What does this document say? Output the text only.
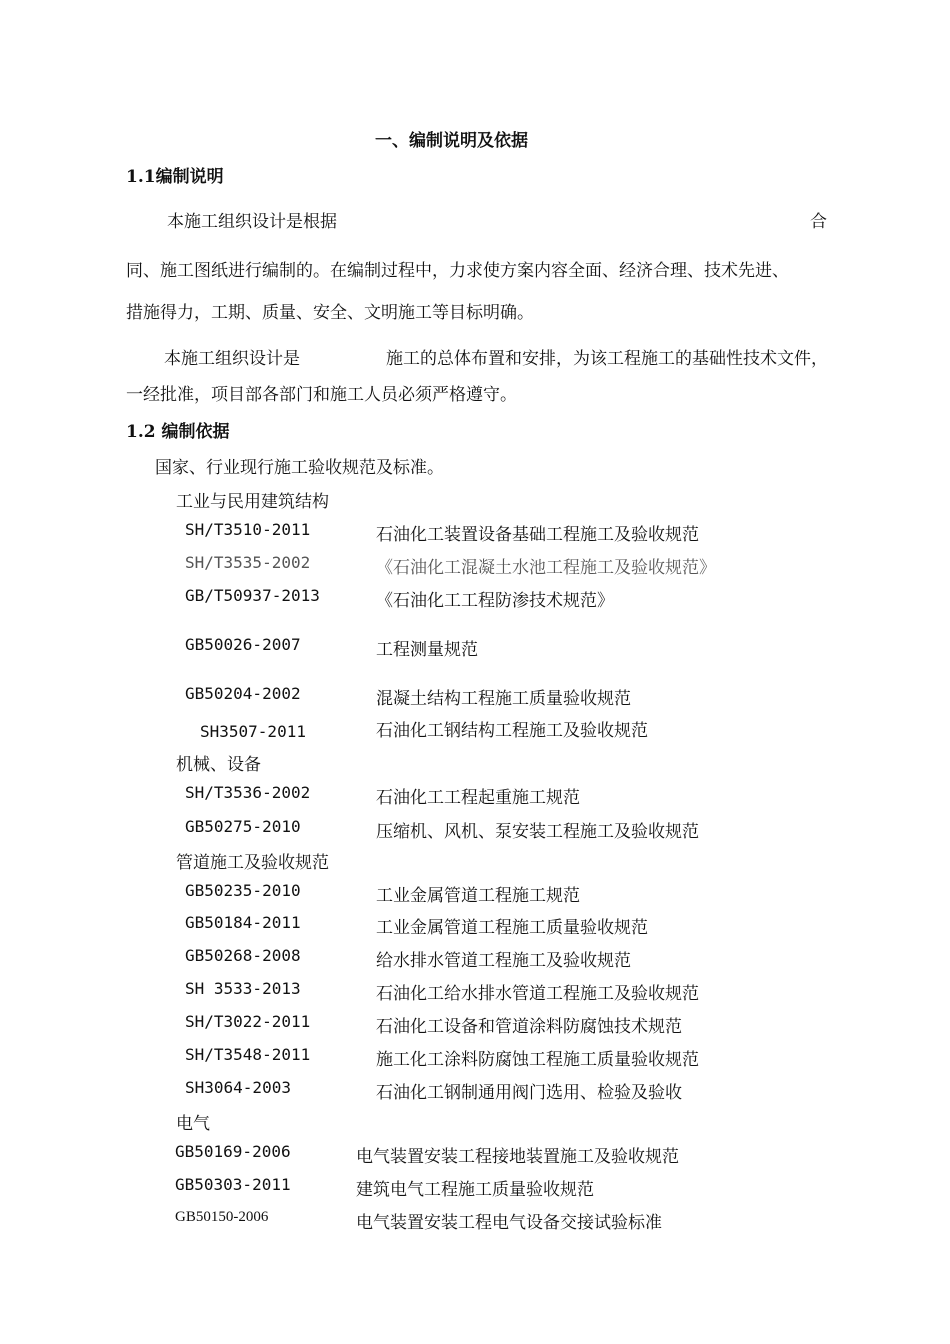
一、编制说明及依据
1.1编制说明
本施工组织设计是根据	合
同、施工图纸进行编制的。在编制过程中，力求使方案内容全面、经济合理、技术先进、
措施得力，工期、质量、安全、文明施工等目标明确。
本施工组织设计是	施工的总体布置和安排，为该工程施工的基础性技术文件，
一经批准，项目部各部门和施工人员必须严格遵守。
1.2 编制依据
国家、行业现行施工验收规范及标准。
工业与民用建筑结构
SH/T3510-2011	石油化工装置设备基础工程施工及验收规范
SH/T3535-2002	《石油化工混凝土水池工程施工及验收规范》
GB/T50937-2013	《石油化工工程防渗技术规范》
GB50026-2007	工程测量规范
GB50204-2002	混凝土结构工程施工质量验收规范
SH3507-2011	石油化工钢结构工程施工及验收规范
机械、设备
SH/T3536-2002	石油化工工程起重施工规范
GB50275-2010	压缩机、风机、泵安装工程施工及验收规范
管道施工及验收规范
GB50235-2010	工业金属管道工程施工规范
GB50184-2011	工业金属管道工程施工质量验收规范
GB50268-2008	给水排水管道工程施工及验收规范
SH 3533-2013	石油化工给水排水管道工程施工及验收规范
SH/T3022-2011	石油化工设备和管道涂料防腐蚀技术规范
SH/T3548-2011	施工化工涂料防腐蚀工程施工质量验收规范
SH3064-2003	石油化工钢制通用阀门选用、检验及验收
电气
GB50169-2006	电气装置安装工程接地装置施工及验收规范
GB50303-2011	建筑电气工程施工质量验收规范
GB50150-2006	电气装置安装工程电气设备交接试验标准
